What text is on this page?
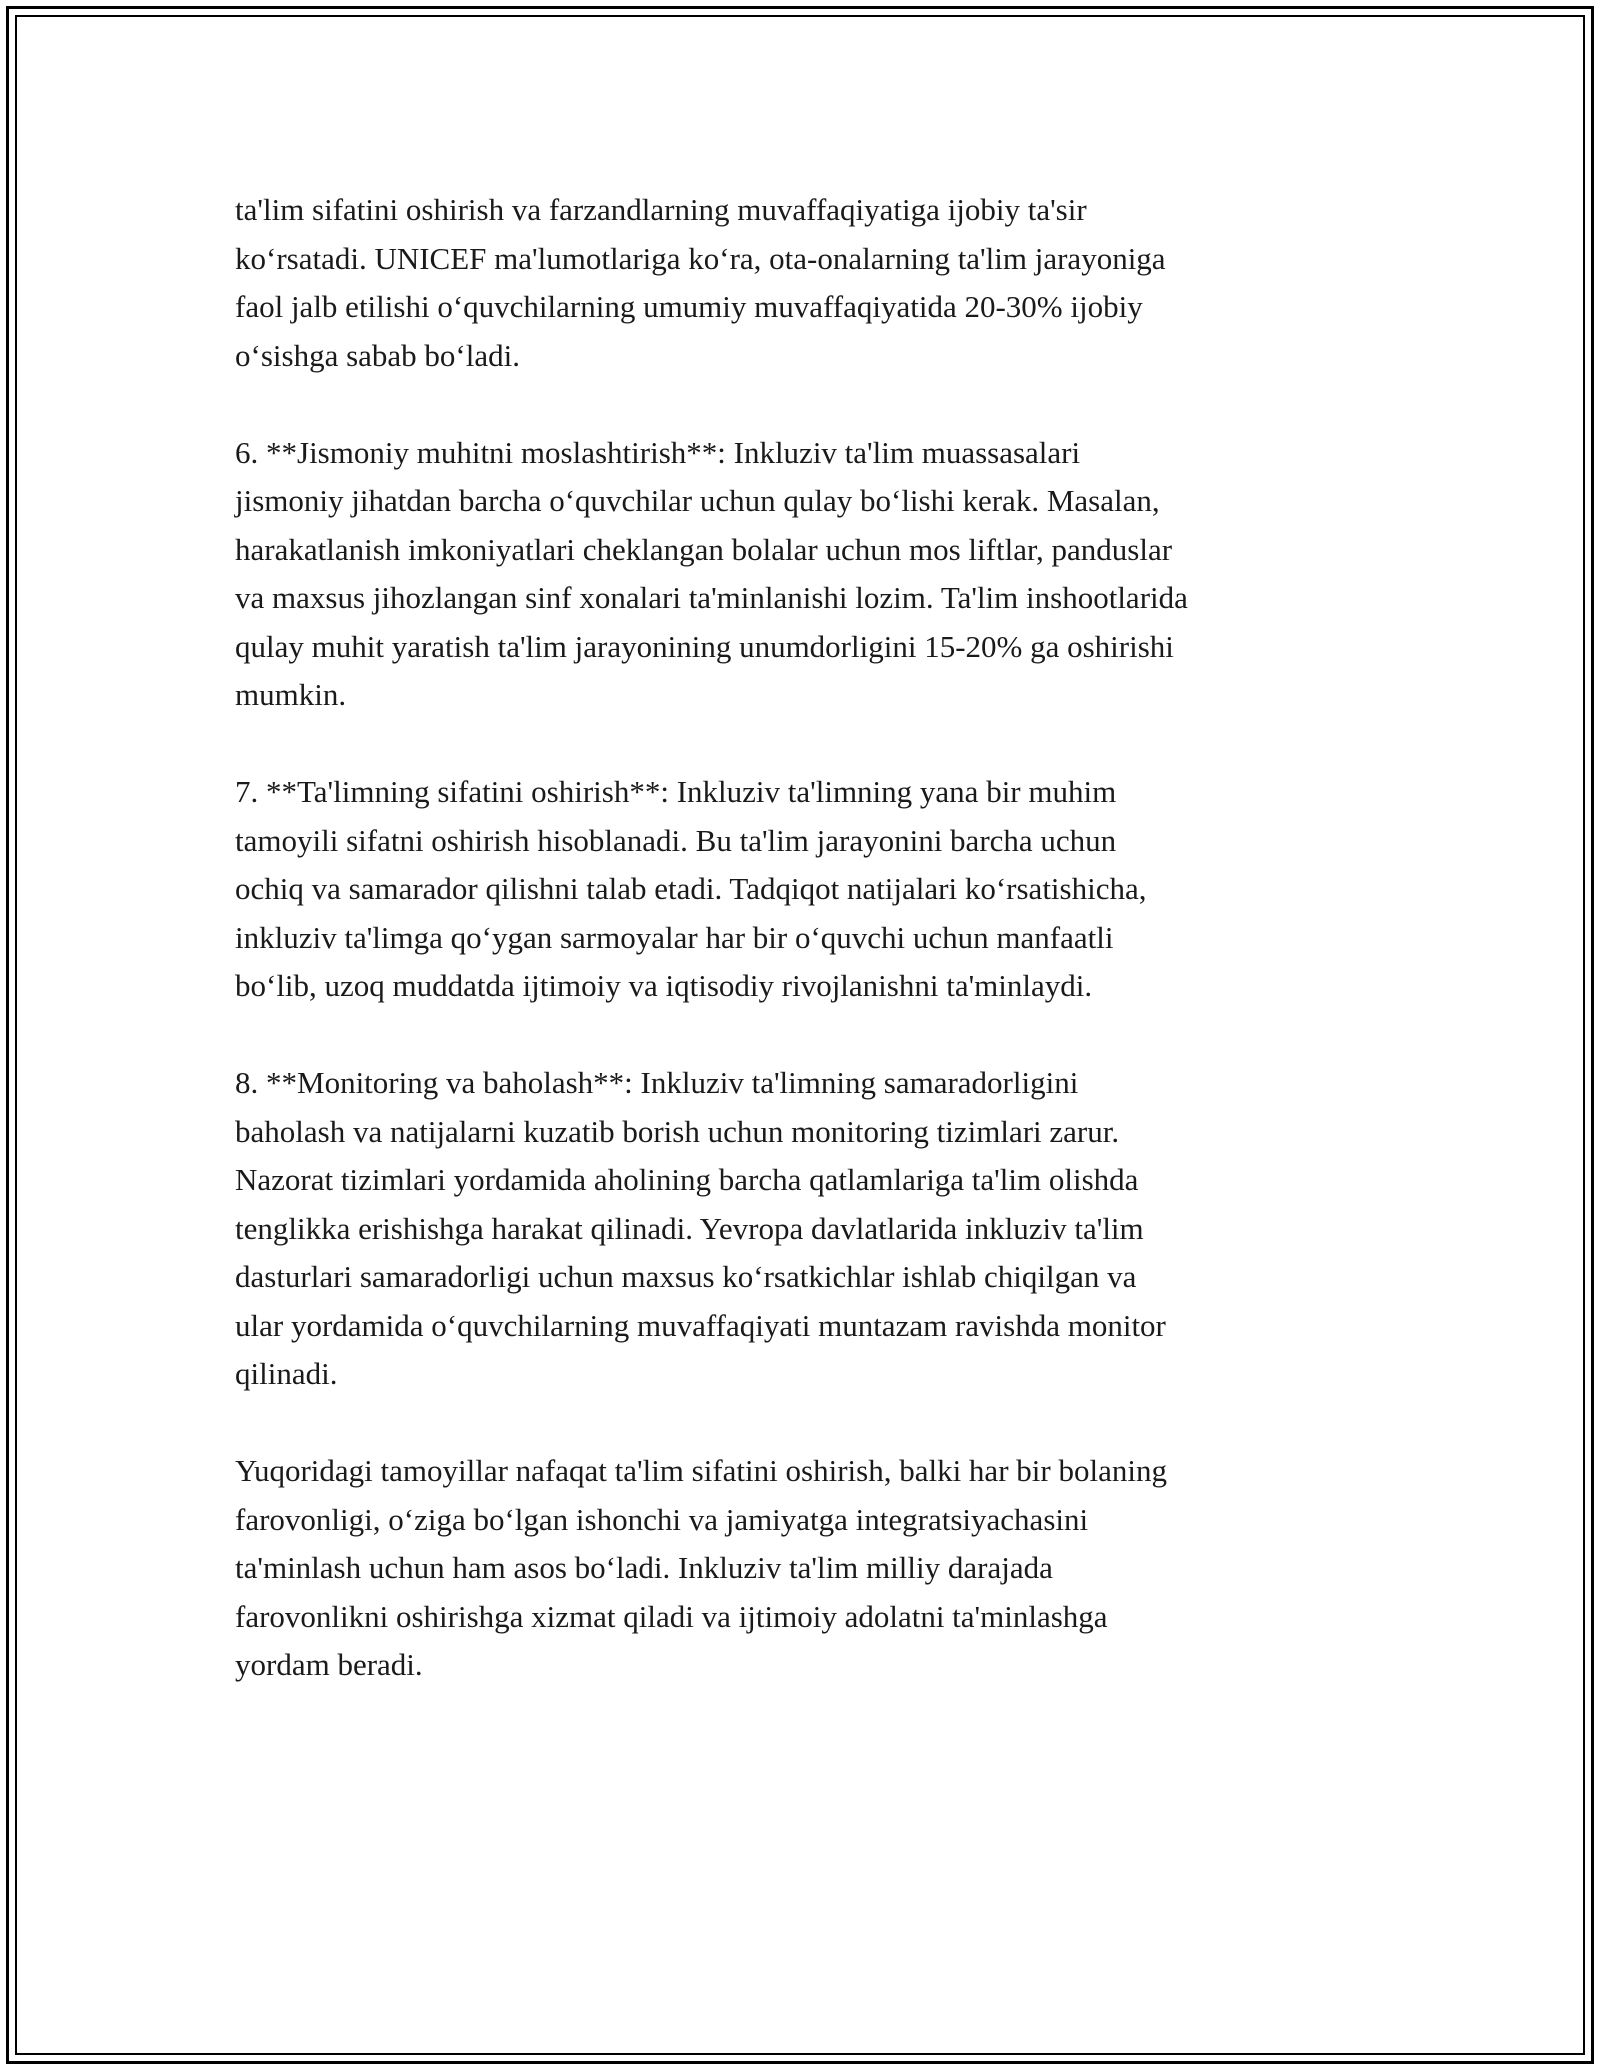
ta'lim sifatini oshirish va farzandlarning muvaffaqiyatiga ijobiy ta'sir
ko‘rsatadi. UNICEF ma'lumotlariga ko‘ra, ota-onalarning ta'lim jarayoniga
faol jalb etilishi o‘quvchilarning umumiy muvaffaqiyatida 20-30% ijobiy
o‘sishga sabab bo‘ladi.

6. **Jismoniy muhitni moslashtirish**: Inkluziv ta'lim muassasalari
jismoniy jihatdan barcha o‘quvchilar uchun qulay bo‘lishi kerak. Masalan,
harakatlanish imkoniyatlari cheklangan bolalar uchun mos liftlar, panduslar
va maxsus jihozlangan sinf xonalari ta'minlanishi lozim. Ta'lim inshootlarida
qulay muhit yaratish ta'lim jarayonining unumdorligini 15-20% ga oshirishi
mumkin.

7. **Ta'limning sifatini oshirish**: Inkluziv ta'limning yana bir muhim
tamoyili sifatni oshirish hisoblanadi. Bu ta'lim jarayonini barcha uchun
ochiq va samarador qilishni talab etadi. Tadqiqot natijalari ko‘rsatishicha,
inkluziv ta'limga qo‘ygan sarmoyalar har bir o‘quvchi uchun manfaatli
bo‘lib, uzoq muddatda ijtimoiy va iqtisodiy rivojlanishni ta'minlaydi.

8. **Monitoring va baholash**: Inkluziv ta'limning samaradorligini
baholash va natijalarni kuzatib borish uchun monitoring tizimlari zarur.
Nazorat tizimlari yordamida aholining barcha qatlamlariga ta'lim olishda
tenglikka erishishga harakat qilinadi. Yevropa davlatlarida inkluziv ta'lim
dasturlari samaradorligi uchun maxsus ko‘rsatkichlar ishlab chiqilgan va
ular yordamida o‘quvchilarning muvaffaqiyati muntazam ravishda monitor
qilinadi.

Yuqoridagi tamoyillar nafaqat ta'lim sifatini oshirish, balki har bir bolaning
farovonligi, o‘ziga bo‘lgan ishonchi va jamiyatga integratsiyachasini
ta'minlash uchun ham asos bo‘ladi. Inkluziv ta'lim milliy darajada
farovonlikni oshirishga xizmat qiladi va ijtimoiy adolatni ta'minlashga
yordam beradi.
